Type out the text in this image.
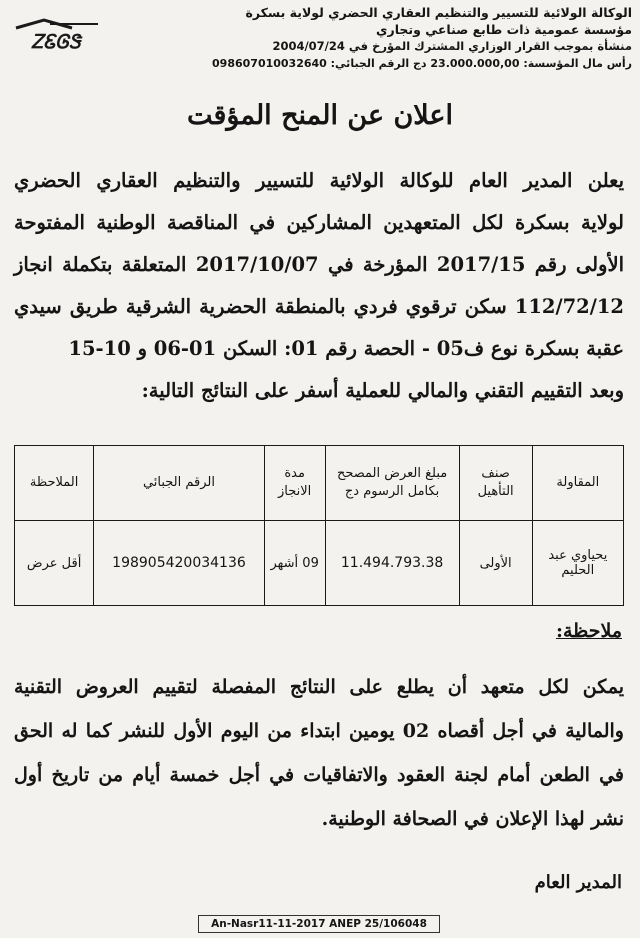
الوكالة الولائية للتسيير والتنظيم العقاري الحضري لولاية بسكرة
مؤسسة عمومية ذات طابع صناعي وتجاري
منشأة بموجب القرار الوزاري المشترك المؤرخ في 2004/07/24
رأس مال المؤسسة: 23.000.000,00 دج الرقم الجبائي: 098607010032640
ᏃᏋᎶᏕ
اعلان عن المنح المؤقت
يعلن المدير العام للوكالة الولائية للتسيير والتنظيم العقاري الحضري
لولاية بسكرة لكل المتعهدين المشاركين في المناقصة الوطنية المفتوحة
الأولى رقم 2017/15 المؤرخة في 2017/10/07 المتعلقة بتكملة انجاز
112/72/12 سكن ترقوي فردي بالمنطقة الحضرية الشرقية طريق سيدي
عقبة بسكرة نوع ف05 - الحصة رقم 01: السكن 01-06 و 10-15
وبعد التقييم التقني والمالي للعملية أسفر على النتائج التالية:
المقاولة	صنف التأهيل	مبلغ العرض المصحح بكامل الرسوم دج	مدة الانجاز	الرقم الجبائي	الملاحظة
يحياوي عبد الحليم	الأولى	11.494.793.38	09 أشهر	198905420034136	أقل عرض
ملاحظة:
يمكن لكل متعهد أن يطلع على النتائج المفصلة لتقييم العروض التقنية
والمالية في أجل أقصاه 02 يومين ابتداء من اليوم الأول للنشر كما له الحق
في الطعن أمام لجنة العقود والاتفاقيات في أجل خمسة أيام من تاريخ أول
نشر لهذا الإعلان في الصحافة الوطنية.
المدير العام
An-Nasr11-11-2017 ANEP 25/106048
